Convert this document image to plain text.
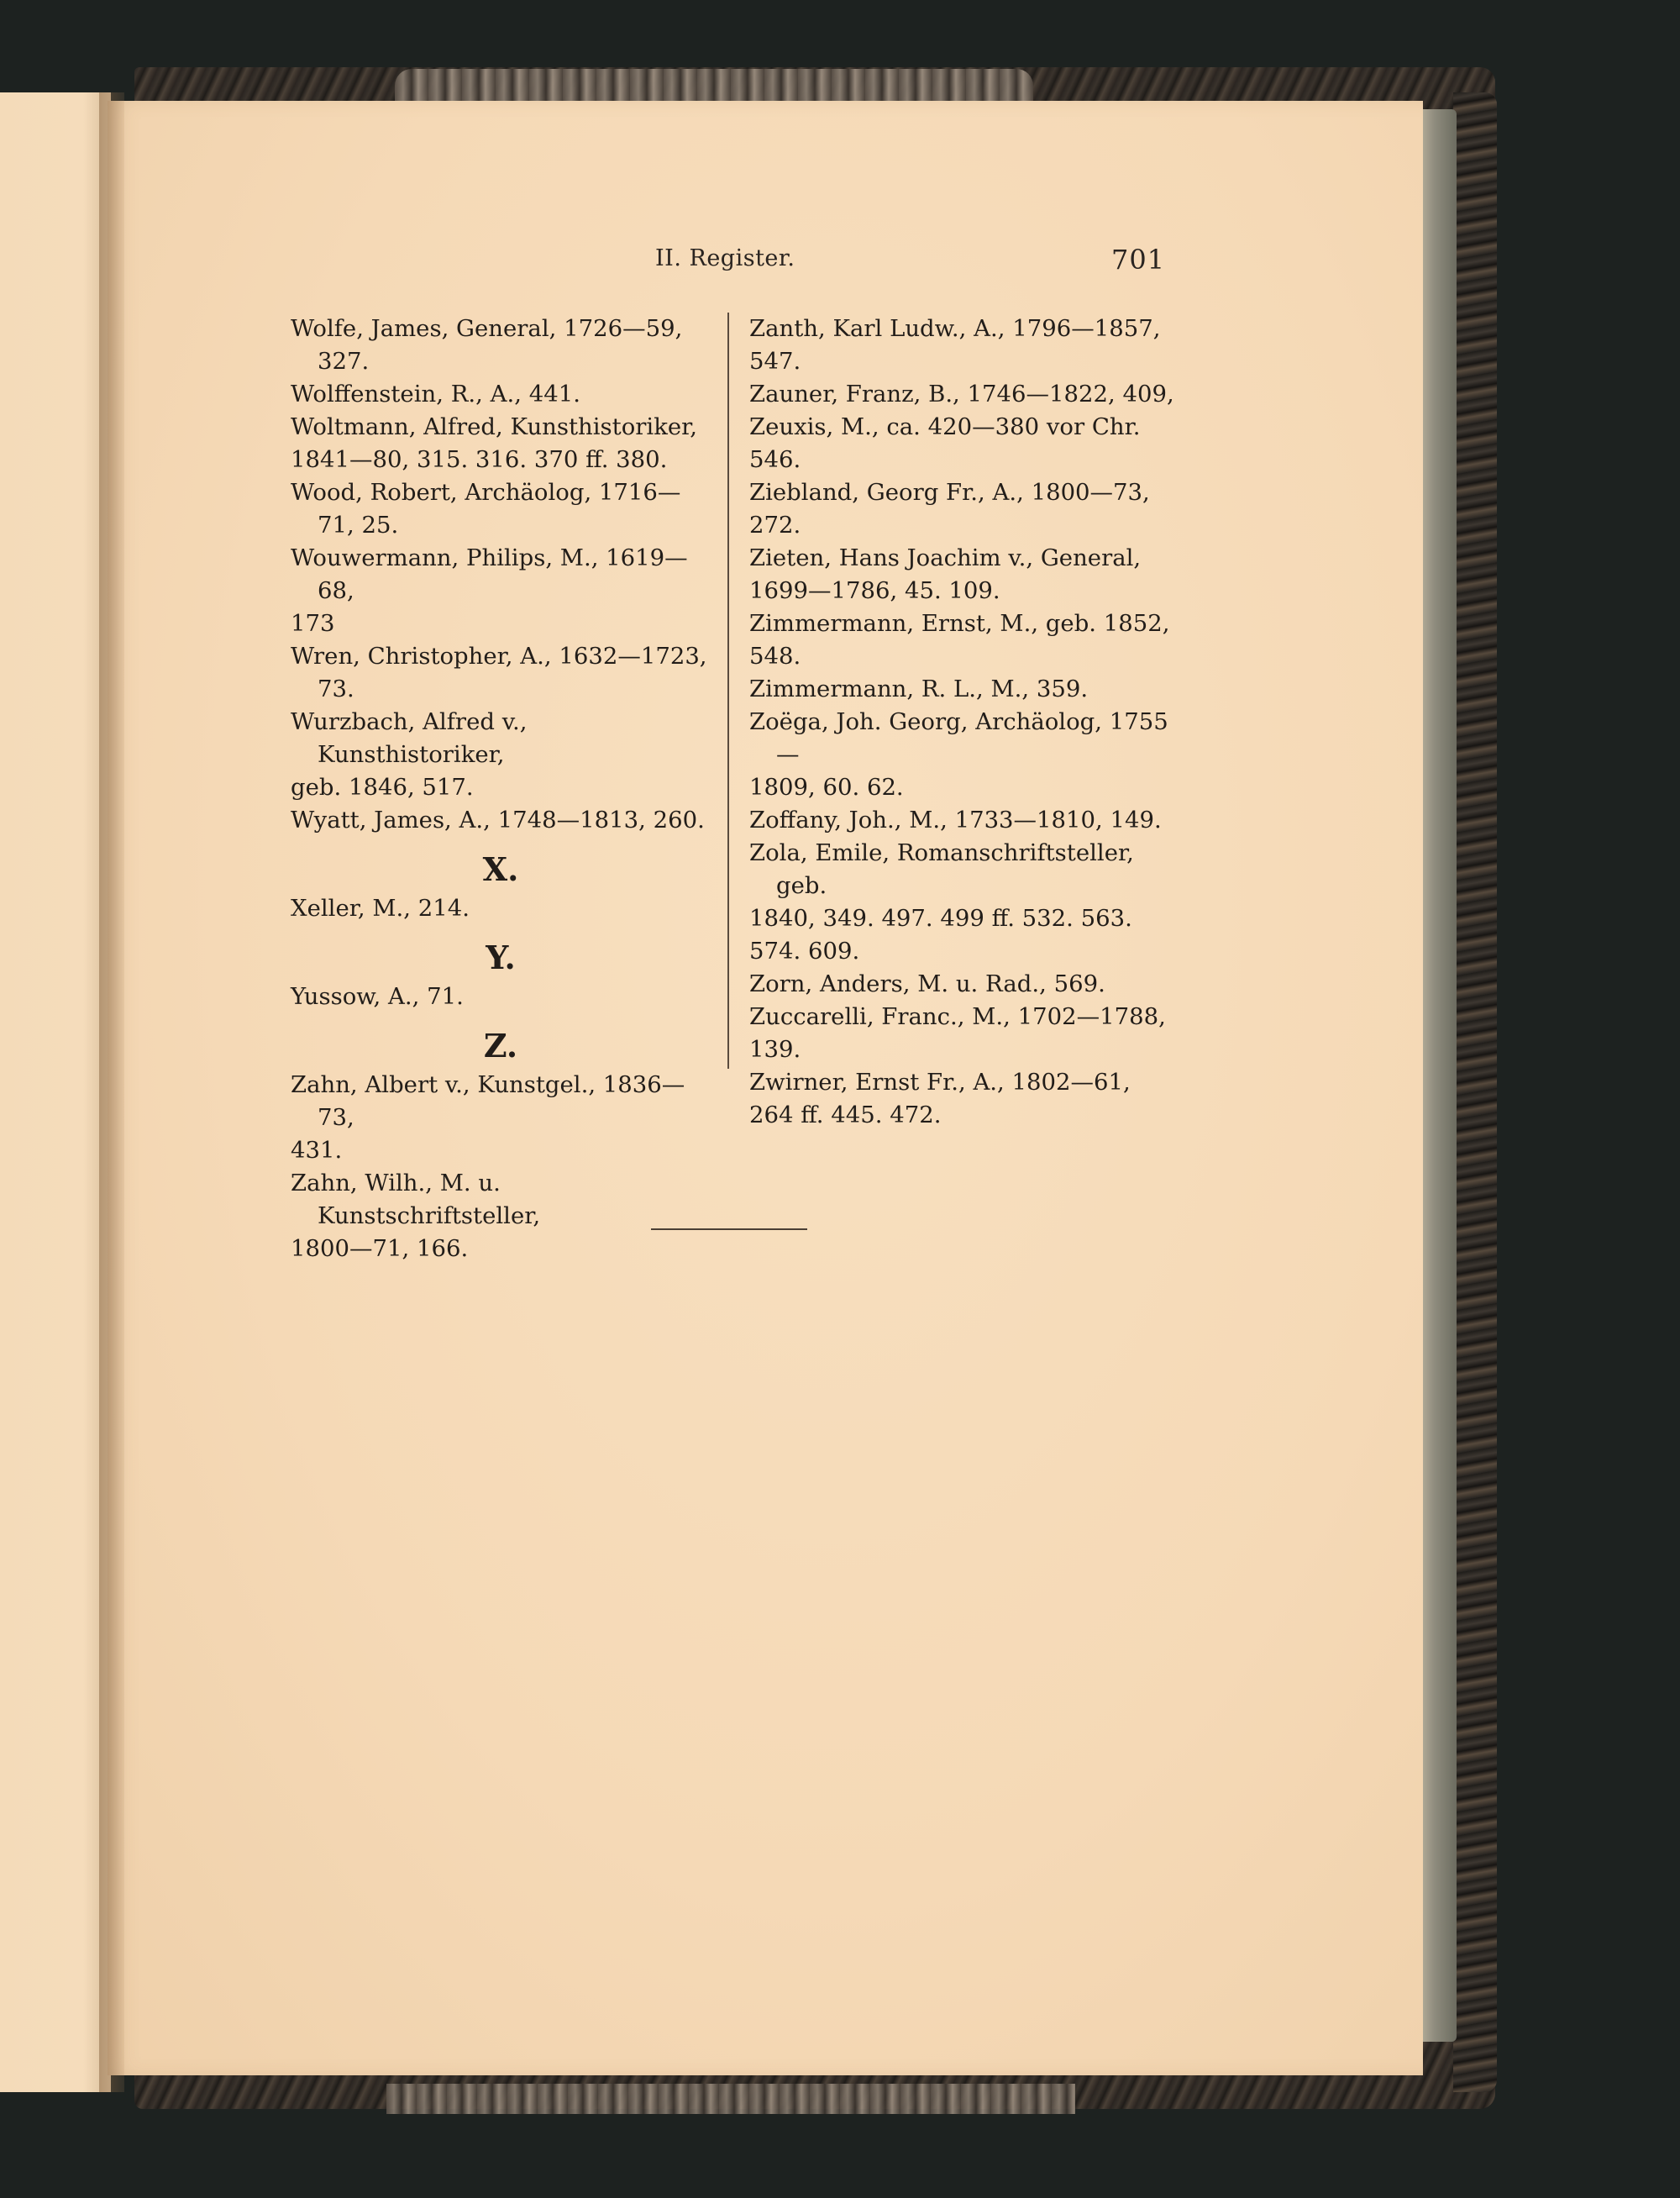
II. Register.	701
Wolfe, James, General, 1726—59, 327.
Wolffenstein, R., A., 441.
Woltmann, Alfred, Kunsthistoriker,
1841—80, 315. 316. 370 ff. 380.
Wood, Robert, Archäolog, 1716—71, 25.
Wouwermann, Philips, M., 1619—68,
173
Wren, Christopher, A., 1632—1723, 73.
Wurzbach, Alfred v., Kunsthistoriker,
geb. 1846, 517.
Wyatt, James, A., 1748—1813, 260.
X.
Xeller, M., 214.
Y.
Yussow, A., 71.
Z.
Zahn, Albert v., Kunstgel., 1836—73,
431.
Zahn, Wilh., M. u. Kunstschriftsteller,
1800—71, 166.
Zanth, Karl Ludw., A., 1796—1857,
547.
Zauner, Franz, B., 1746—1822, 409,
Zeuxis, M., ca. 420—380 vor Chr.
546.
Ziebland, Georg Fr., A., 1800—73,
272.
Zieten, Hans Joachim v., General,
1699—1786, 45. 109.
Zimmermann, Ernst, M., geb. 1852,
548.
Zimmermann, R. L., M., 359.
Zoëga, Joh. Georg, Archäolog, 1755—
1809, 60. 62.
Zoffany, Joh., M., 1733—1810, 149.
Zola, Emile, Romanschriftsteller, geb.
1840, 349. 497. 499 ff. 532. 563.
574. 609.
Zorn, Anders, M. u. Rad., 569.
Zuccarelli, Franc., M., 1702—1788,
139.
Zwirner, Ernst Fr., A., 1802—61,
264 ff. 445. 472.
